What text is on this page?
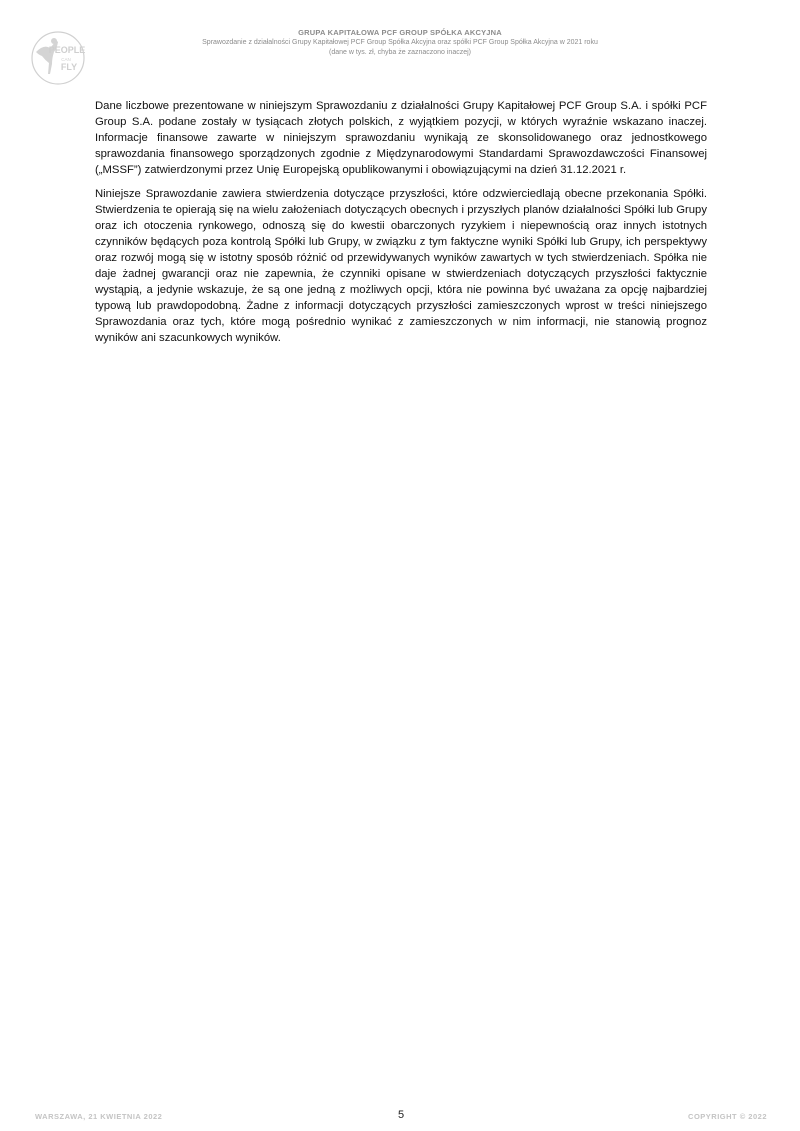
PEOPLE
CAN
FLY
GRUPA KAPITAŁOWA PCF GROUP SPÓŁKA AKCYJNA
Sprawozdanie z działalności Grupy Kapitałowej PCF Group Spółka Akcyjna oraz spółki PCF Group Spółka Akcyjna w 2021 roku
(dane w tys. zł, chyba że zaznaczono inaczej)

Dane liczbowe prezentowane w niniejszym Sprawozdaniu z działalności Grupy Kapitałowej PCF Group S.A. i spółki PCF Group S.A. podane zostały w tysiącach złotych polskich, z wyjątkiem pozycji, w których wyraźnie wskazano inaczej. Informacje finansowe zawarte w niniejszym sprawozdaniu wynikają ze skonsolidowanego oraz jednostkowego sprawozdania finansowego sporządzonych zgodnie z Międzynarodowymi Standardami Sprawozdawczości Finansowej („MSSF”) zatwierdzonymi przez Unię Europejską opublikowanymi i obowiązującymi na dzień 31.12.2021 r.

Niniejsze Sprawozdanie zawiera stwierdzenia dotyczące przyszłości, które odzwierciedlają obecne przekonania Spółki. Stwierdzenia te opierają się na wielu założeniach dotyczących obecnych i przyszłych planów działalności Spółki lub Grupy oraz ich otoczenia rynkowego, odnoszą się do kwestii obarczonych ryzykiem i niepewnością oraz innych istotnych czynników będących poza kontrolą Spółki lub Grupy, w związku z tym faktyczne wyniki Spółki lub Grupy, ich perspektywy oraz rozwój mogą się w istotny sposób różnić od przewidywanych wyników zawartych w tych stwierdzeniach. Spółka nie daje żadnej gwarancji oraz nie zapewnia, że czynniki opisane w stwierdzeniach dotyczących przyszłości faktycznie wystąpią, a jedynie wskazuje, że są one jedną z możliwych opcji, która nie powinna być uważana za opcję najbardziej typową lub prawdopodobną. Żadne z informacji dotyczących przyszłości zamieszczonych wprost w treści niniejszego Sprawozdania oraz tych, które mogą pośrednio wynikać z zamieszczonych w nim informacji, nie stanowią prognoz wyników ani szacunkowych wyników.

WARSZAWA, 21 KWIETNIA 2022	5	COPYRIGHT © 2022
